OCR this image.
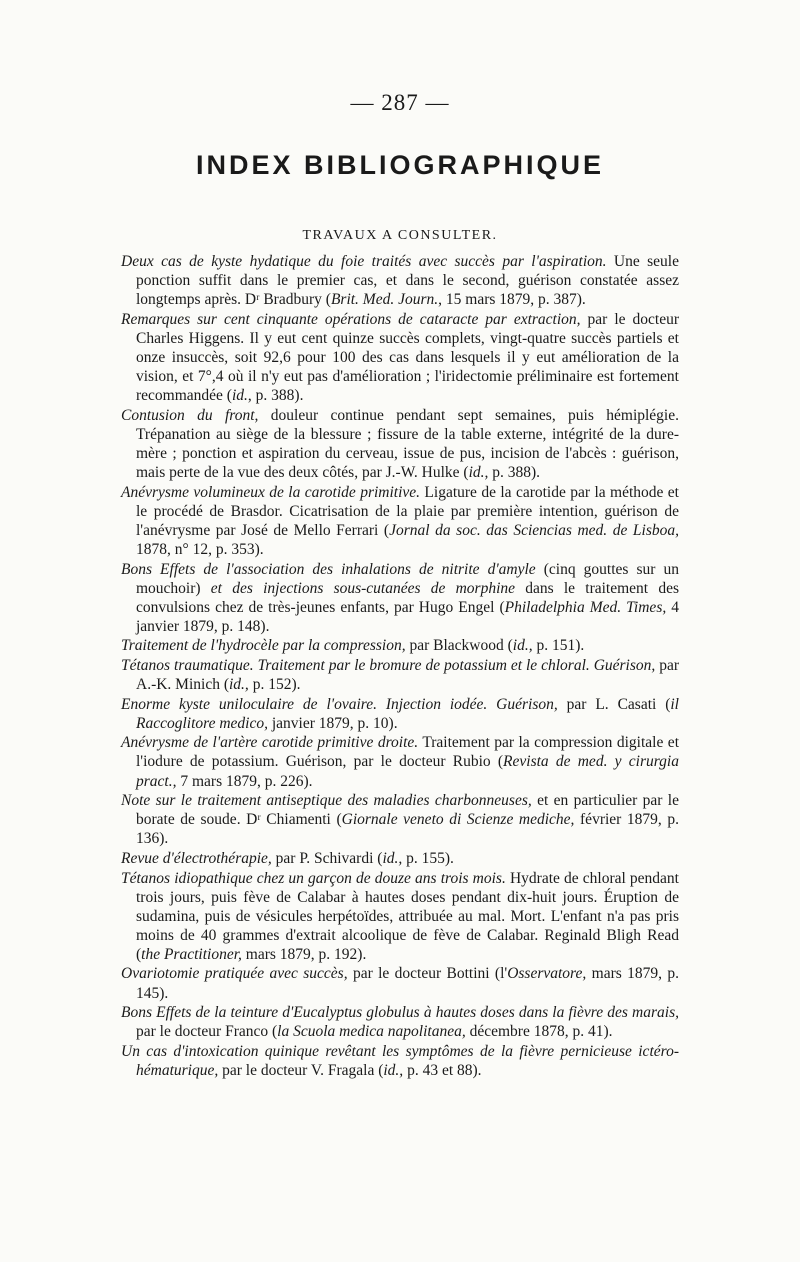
— 287 —
INDEX BIBLIOGRAPHIQUE
TRAVAUX A CONSULTER.

Deux cas de kyste hydatique du foie traités avec succès par l'aspiration. Une seule ponction suffit dans le premier cas, et dans le second, guérison constatée assez longtemps après. Dʳ Bradbury (Brit. Med. Journ., 15 mars 1879, p. 387).

Remarques sur cent cinquante opérations de cataracte par extraction, par le docteur Charles Higgens. Il y eut cent quinze succès complets, vingt-quatre succès partiels et onze insuccès, soit 92,6 pour 100 des cas dans lesquels il y eut amélioration de la vision, et 7°,4 où il n'y eut pas d'amélioration ; l'iridectomie préliminaire est fortement recommandée (id., p. 388).

Contusion du front, douleur continue pendant sept semaines, puis hémiplégie. Trépanation au siège de la blessure ; fissure de la table externe, intégrité de la dure-mère ; ponction et aspiration du cerveau, issue de pus, incision de l'abcès : guérison, mais perte de la vue des deux côtés, par J.-W. Hulke (id., p. 388).

Anévrysme volumineux de la carotide primitive. Ligature de la carotide par la méthode et le procédé de Brasdor. Cicatrisation de la plaie par première intention, guérison de l'anévrysme par José de Mello Ferrari (Jornal da soc. das Sciencias med. de Lisboa, 1878, n° 12, p. 353).

Bons Effets de l'association des inhalations de nitrite d'amyle (cinq gouttes sur un mouchoir) et des injections sous-cutanées de morphine dans le traitement des convulsions chez de très-jeunes enfants, par Hugo Engel (Philadelphia Med. Times, 4 janvier 1879, p. 148).

Traitement de l'hydrocèle par la compression, par Blackwood (id., p. 151).

Tétanos traumatique. Traitement par le bromure de potassium et le chloral. Guérison, par A.-K. Minich (id., p. 152).

Enorme kyste uniloculaire de l'ovaire. Injection iodée. Guérison, par L. Casati (il Raccoglitore medico, janvier 1879, p. 10).

Anévrysme de l'artère carotide primitive droite. Traitement par la compression digitale et l'iodure de potassium. Guérison, par le docteur Rubio (Revista de med. y cirurgia pract., 7 mars 1879, p. 226).

Note sur le traitement antiseptique des maladies charbonneuses, et en particulier par le borate de soude. Dʳ Chiamenti (Giornale veneto di Scienze mediche, février 1879, p. 136).

Revue d'électrothérapie, par P. Schivardi (id., p. 155).

Tétanos idiopathique chez un garçon de douze ans trois mois. Hydrate de chloral pendant trois jours, puis fève de Calabar à hautes doses pendant dix-huit jours. Éruption de sudamina, puis de vésicules herpétoïdes, attribuée au mal. Mort. L'enfant n'a pas pris moins de 40 grammes d'extrait alcoolique de fève de Calabar. Reginald Bligh Read (the Practitioner, mars 1879, p. 192).

Ovariotomie pratiquée avec succès, par le docteur Bottini (l'Osservatore, mars 1879, p. 145).

Bons Effets de la teinture d'Eucalyptus globulus à hautes doses dans la fièvre des marais, par le docteur Franco (la Scuola medica napolitanea, décembre 1878, p. 41).

Un cas d'intoxication quinique revêtant les symptômes de la fièvre pernicieuse ictéro-hématurique, par le docteur V. Fragala (id., p. 43 et 88).
